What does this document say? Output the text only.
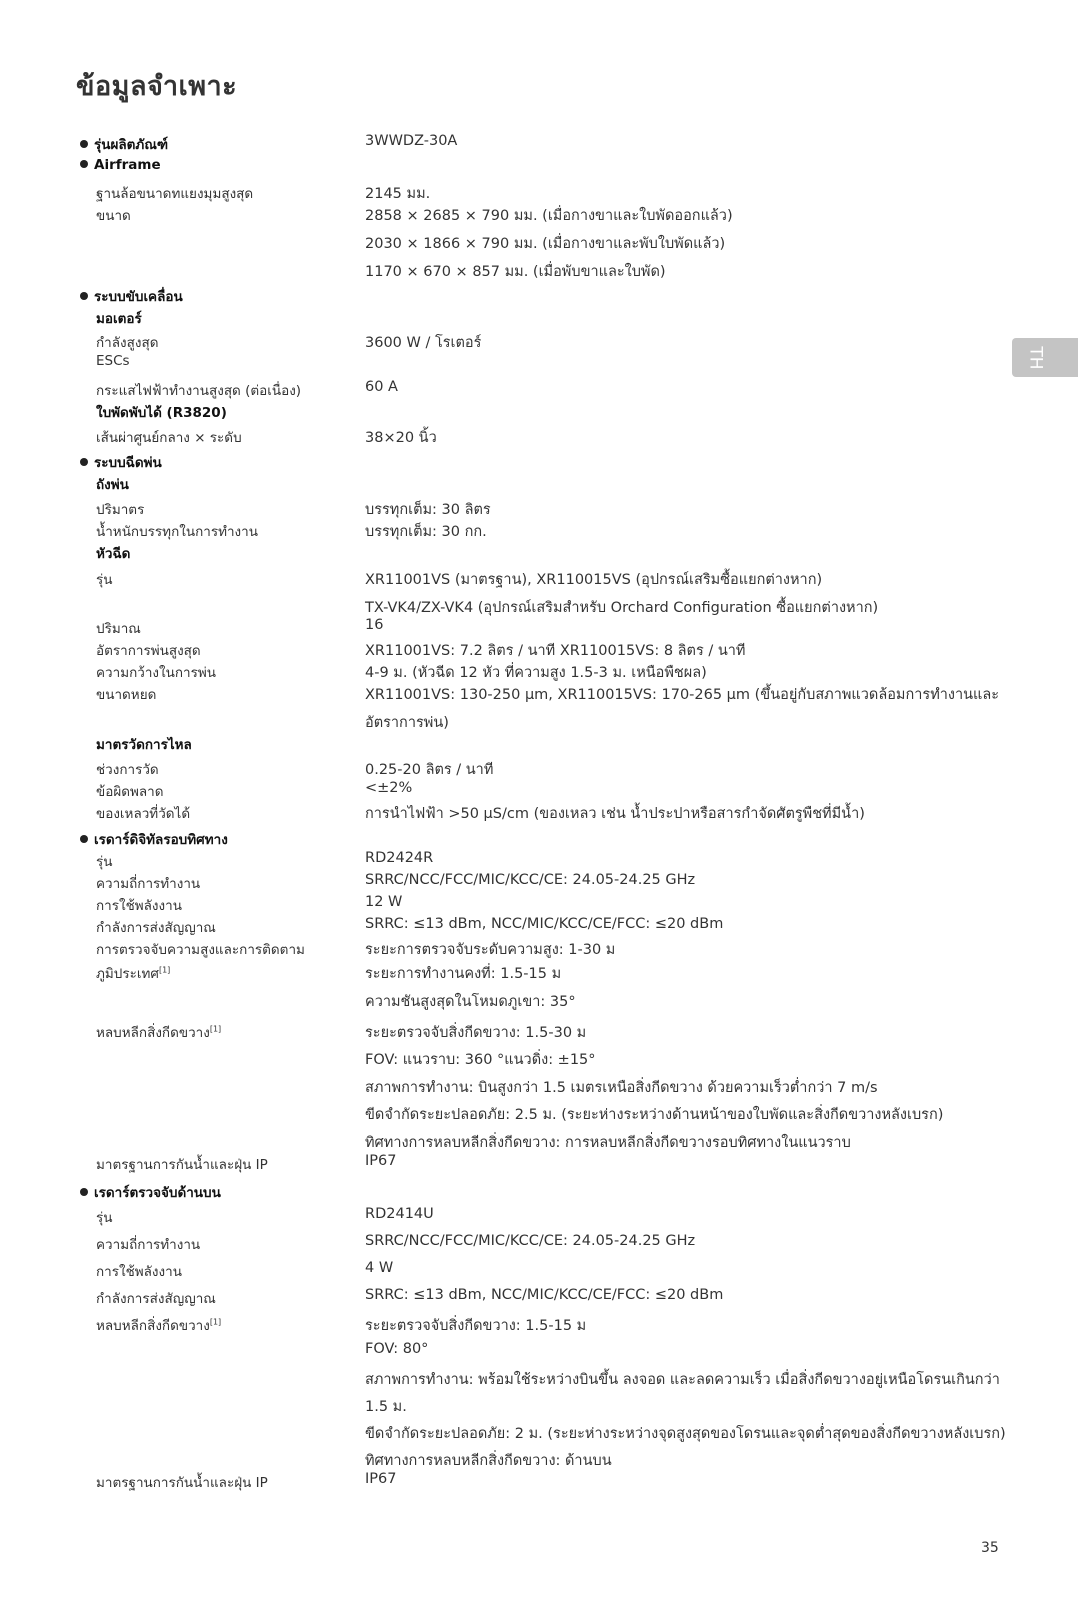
ข้อมูลจำเพาะ
TH
รุ่นผลิตภัณฑ์	3WWDZ-30A
Airframe
ฐานล้อขนาดทแยงมุมสูงสุด	2145 มม.
ขนาด	2858 × 2685 × 790 มม. (เมื่อกางขาและใบพัดออกแล้ว)
2030 × 1866 × 790 มม. (เมื่อกางขาและพับใบพัดแล้ว)
1170 × 670 × 857 มม. (เมื่อพับขาและใบพัด)
ระบบขับเคลื่อน
มอเตอร์
กำลังสูงสุด	3600 W / โรเตอร์
ESCs
กระแสไฟฟ้าทำงานสูงสุด (ต่อเนื่อง)	60 A
ใบพัดพับได้ (R3820)
เส้นผ่าศูนย์กลาง × ระดับ	38×20 นิ้ว
ระบบฉีดพ่น
ถังพ่น
ปริมาตร	บรรทุกเต็ม: 30 ลิตร
น้ำหนักบรรทุกในการทำงาน	บรรทุกเต็ม: 30 กก.
หัวฉีด
รุ่น	XR11001VS (มาตรฐาน), XR110015VS (อุปกรณ์เสริมซื้อแยกต่างหาก)
TX-VK4/ZX-VK4 (อุปกรณ์เสริมสำหรับ Orchard Configuration ซื้อแยกต่างหาก)
ปริมาณ	16
อัตราการพ่นสูงสุด	XR11001VS: 7.2 ลิตร / นาที XR110015VS: 8 ลิตร / นาที
ความกว้างในการพ่น	4-9 ม. (หัวฉีด 12 หัว ที่ความสูง 1.5-3 ม. เหนือพืชผล)
ขนาดหยด	XR11001VS: 130-250 μm, XR110015VS: 170-265 μm (ขึ้นอยู่กับสภาพแวดล้อมการทำงานและ
อัตราการพ่น)
มาตรวัดการไหล
ช่วงการวัด	0.25-20 ลิตร / นาที
ข้อผิดพลาด	<±2%
ของเหลวที่วัดได้	การนำไฟฟ้า >50 μS/cm (ของเหลว เช่น น้ำประปาหรือสารกำจัดศัตรูพืชที่มีน้ำ)
เรดาร์ดิจิทัลรอบทิศทาง
รุ่น	RD2424R
ความถี่การทำงาน	SRRC/NCC/FCC/MIC/KCC/CE: 24.05-24.25 GHz
การใช้พลังงาน	12 W
กำลังการส่งสัญญาณ	SRRC: ≤13 dBm, NCC/MIC/KCC/CE/FCC: ≤20 dBm
การตรวจจับความสูงและการติดตาม	ระยะการตรวจจับระดับความสูง: 1-30 ม
ภูมิประเทศ[1]	ระยะการทำงานคงที่: 1.5-15 ม
ความชันสูงสุดในโหมดภูเขา: 35°
หลบหลีกสิ่งกีดขวาง[1]	ระยะตรวจจับสิ่งกีดขวาง: 1.5-30 ม
FOV: แนวราบ: 360 °แนวดิ่ง: ±15°
สภาพการทำงาน: บินสูงกว่า 1.5 เมตรเหนือสิ่งกีดขวาง ด้วยความเร็วต่ำกว่า 7 m/s
ขีดจำกัดระยะปลอดภัย: 2.5 ม. (ระยะห่างระหว่างด้านหน้าของใบพัดและสิ่งกีดขวางหลังเบรก)
ทิศทางการหลบหลีกสิ่งกีดขวาง: การหลบหลีกสิ่งกีดขวางรอบทิศทางในแนวราบ
มาตรฐานการกันน้ำและฝุ่น IP	IP67
เรดาร์ตรวจจับด้านบน
รุ่น	RD2414U
ความถี่การทำงาน	SRRC/NCC/FCC/MIC/KCC/CE: 24.05-24.25 GHz
การใช้พลังงาน	4 W
กำลังการส่งสัญญาณ	SRRC: ≤13 dBm, NCC/MIC/KCC/CE/FCC: ≤20 dBm
หลบหลีกสิ่งกีดขวาง[1]	ระยะตรวจจับสิ่งกีดขวาง: 1.5-15 ม
FOV: 80°
สภาพการทำงาน: พร้อมใช้ระหว่างบินขึ้น ลงจอด และลดความเร็ว เมื่อสิ่งกีดขวางอยู่เหนือโดรนเกินกว่า
1.5 ม.
ขีดจำกัดระยะปลอดภัย: 2 ม. (ระยะห่างระหว่างจุดสูงสุดของโดรนและจุดต่ำสุดของสิ่งกีดขวางหลังเบรก)
ทิศทางการหลบหลีกสิ่งกีดขวาง: ด้านบน
มาตรฐานการกันน้ำและฝุ่น IP	IP67
35
